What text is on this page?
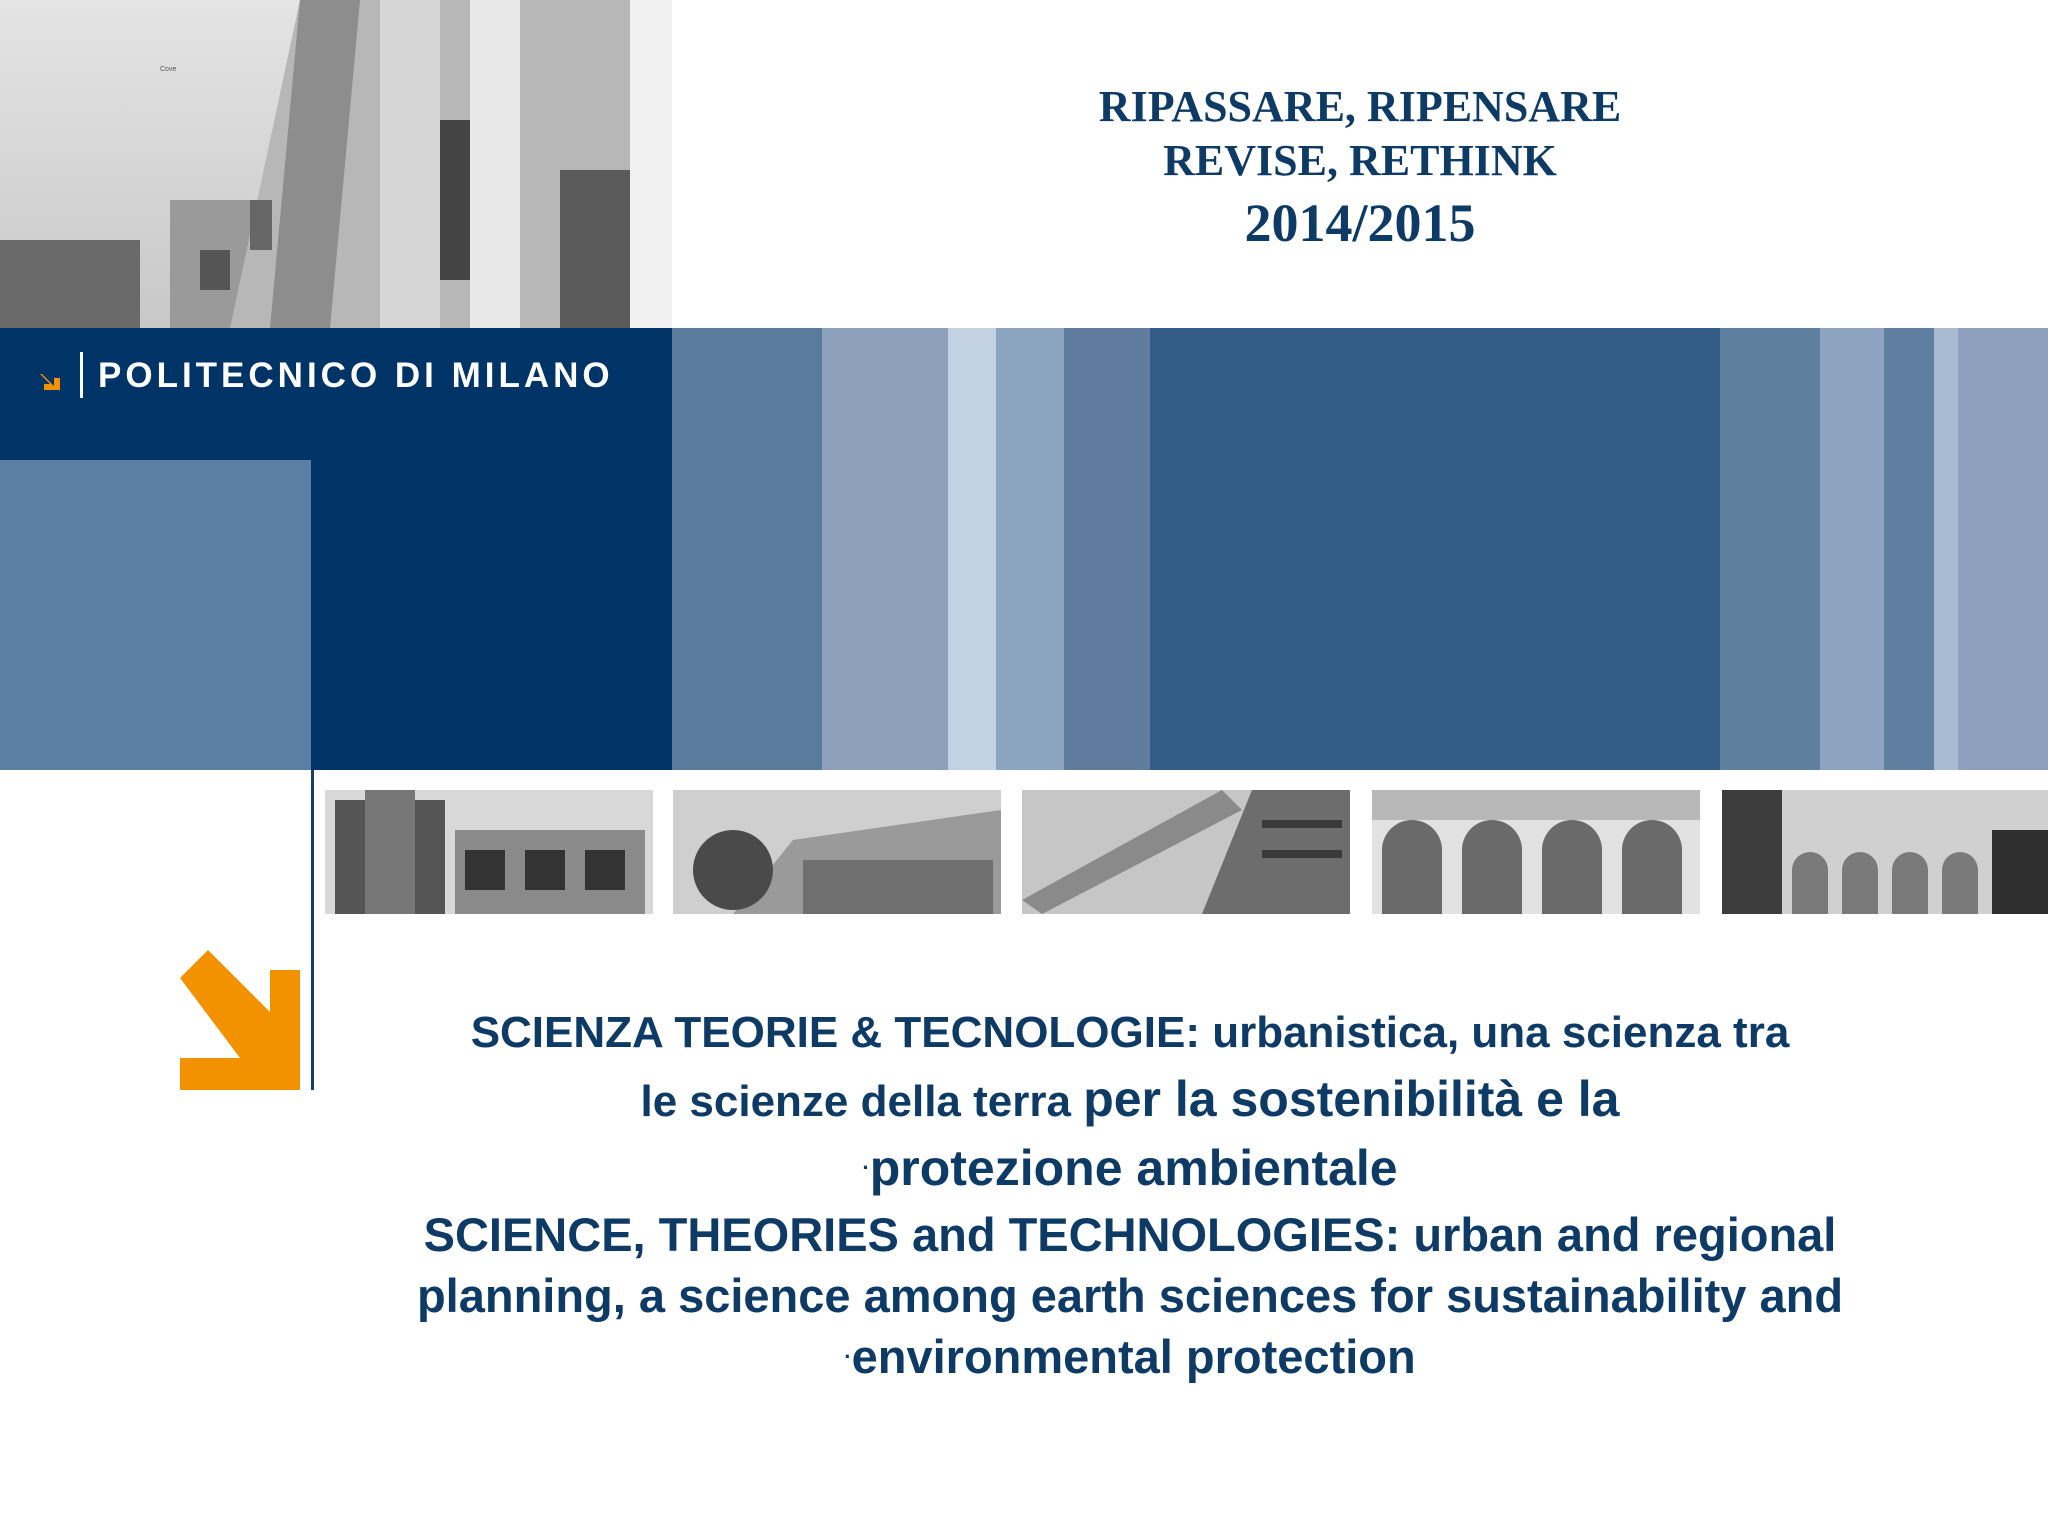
Cove
RIPASSARE, RIPENSARE
REVISE, RETHINK
2014/2015
POLITECNICO DI MILANO
SCIENZA TEORIE & TECNOLOGIE: urbanistica, una scienza tra
le scienze della terra per la sostenibilità e la
·protezione ambientale
SCIENCE, THEORIES and TECHNOLOGIES: urban and regional
planning, a science among earth sciences for sustainability and
·environmental protection
